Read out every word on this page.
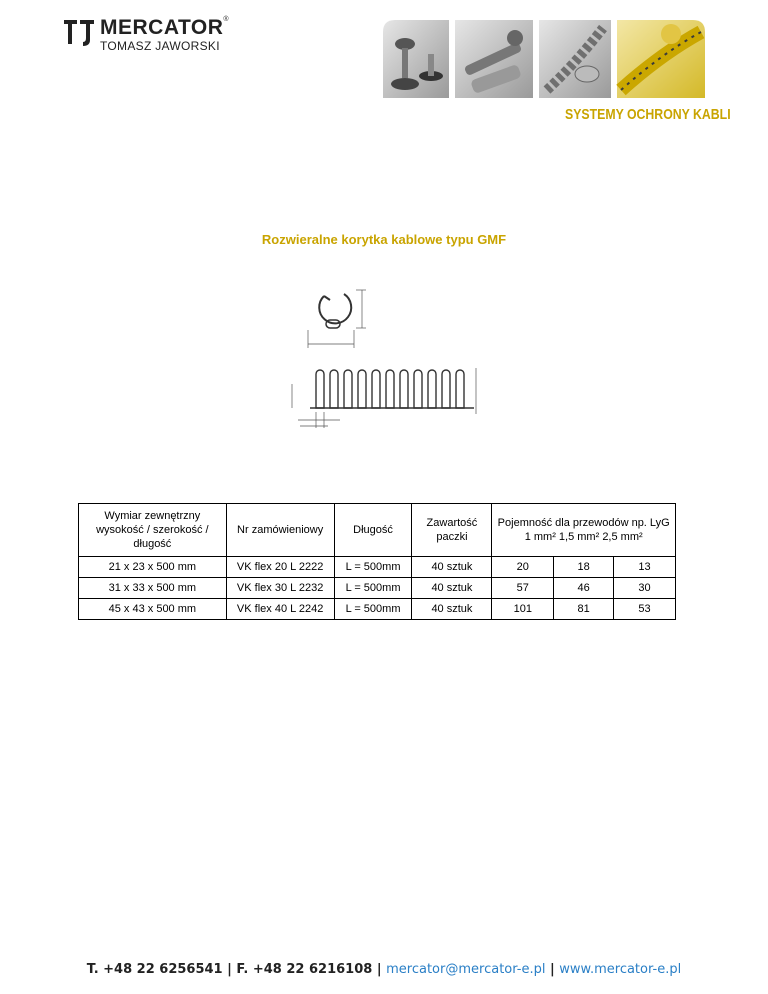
MERCATOR®
TOMASZ JAWORSKI
SYSTEMY OCHRONY KABLI
Rozwieralne korytka kablowe typu GMF
Wymiar zewnętrzny wysokość / szerokość / długość	Nr zamówieniowy	Długość	Zawartość paczki	Pojemność dla przewodów np. LyG 1 mm² 1,5 mm² 2,5 mm²		
21 x 23 x 500 mm	VK flex 20 L 2222	L = 500mm	40 sztuk	20	18	13
31 x 33 x 500 mm	VK flex 30 L 2232	L = 500mm	40 sztuk	57	46	30
45 x 43 x 500 mm	VK flex 40 L 2242	L = 500mm	40 sztuk	101	81	53
T. +48 22 6256541 | F. +48 22 6216108 | mercator@mercator-e.pl | www.mercator-e.pl
